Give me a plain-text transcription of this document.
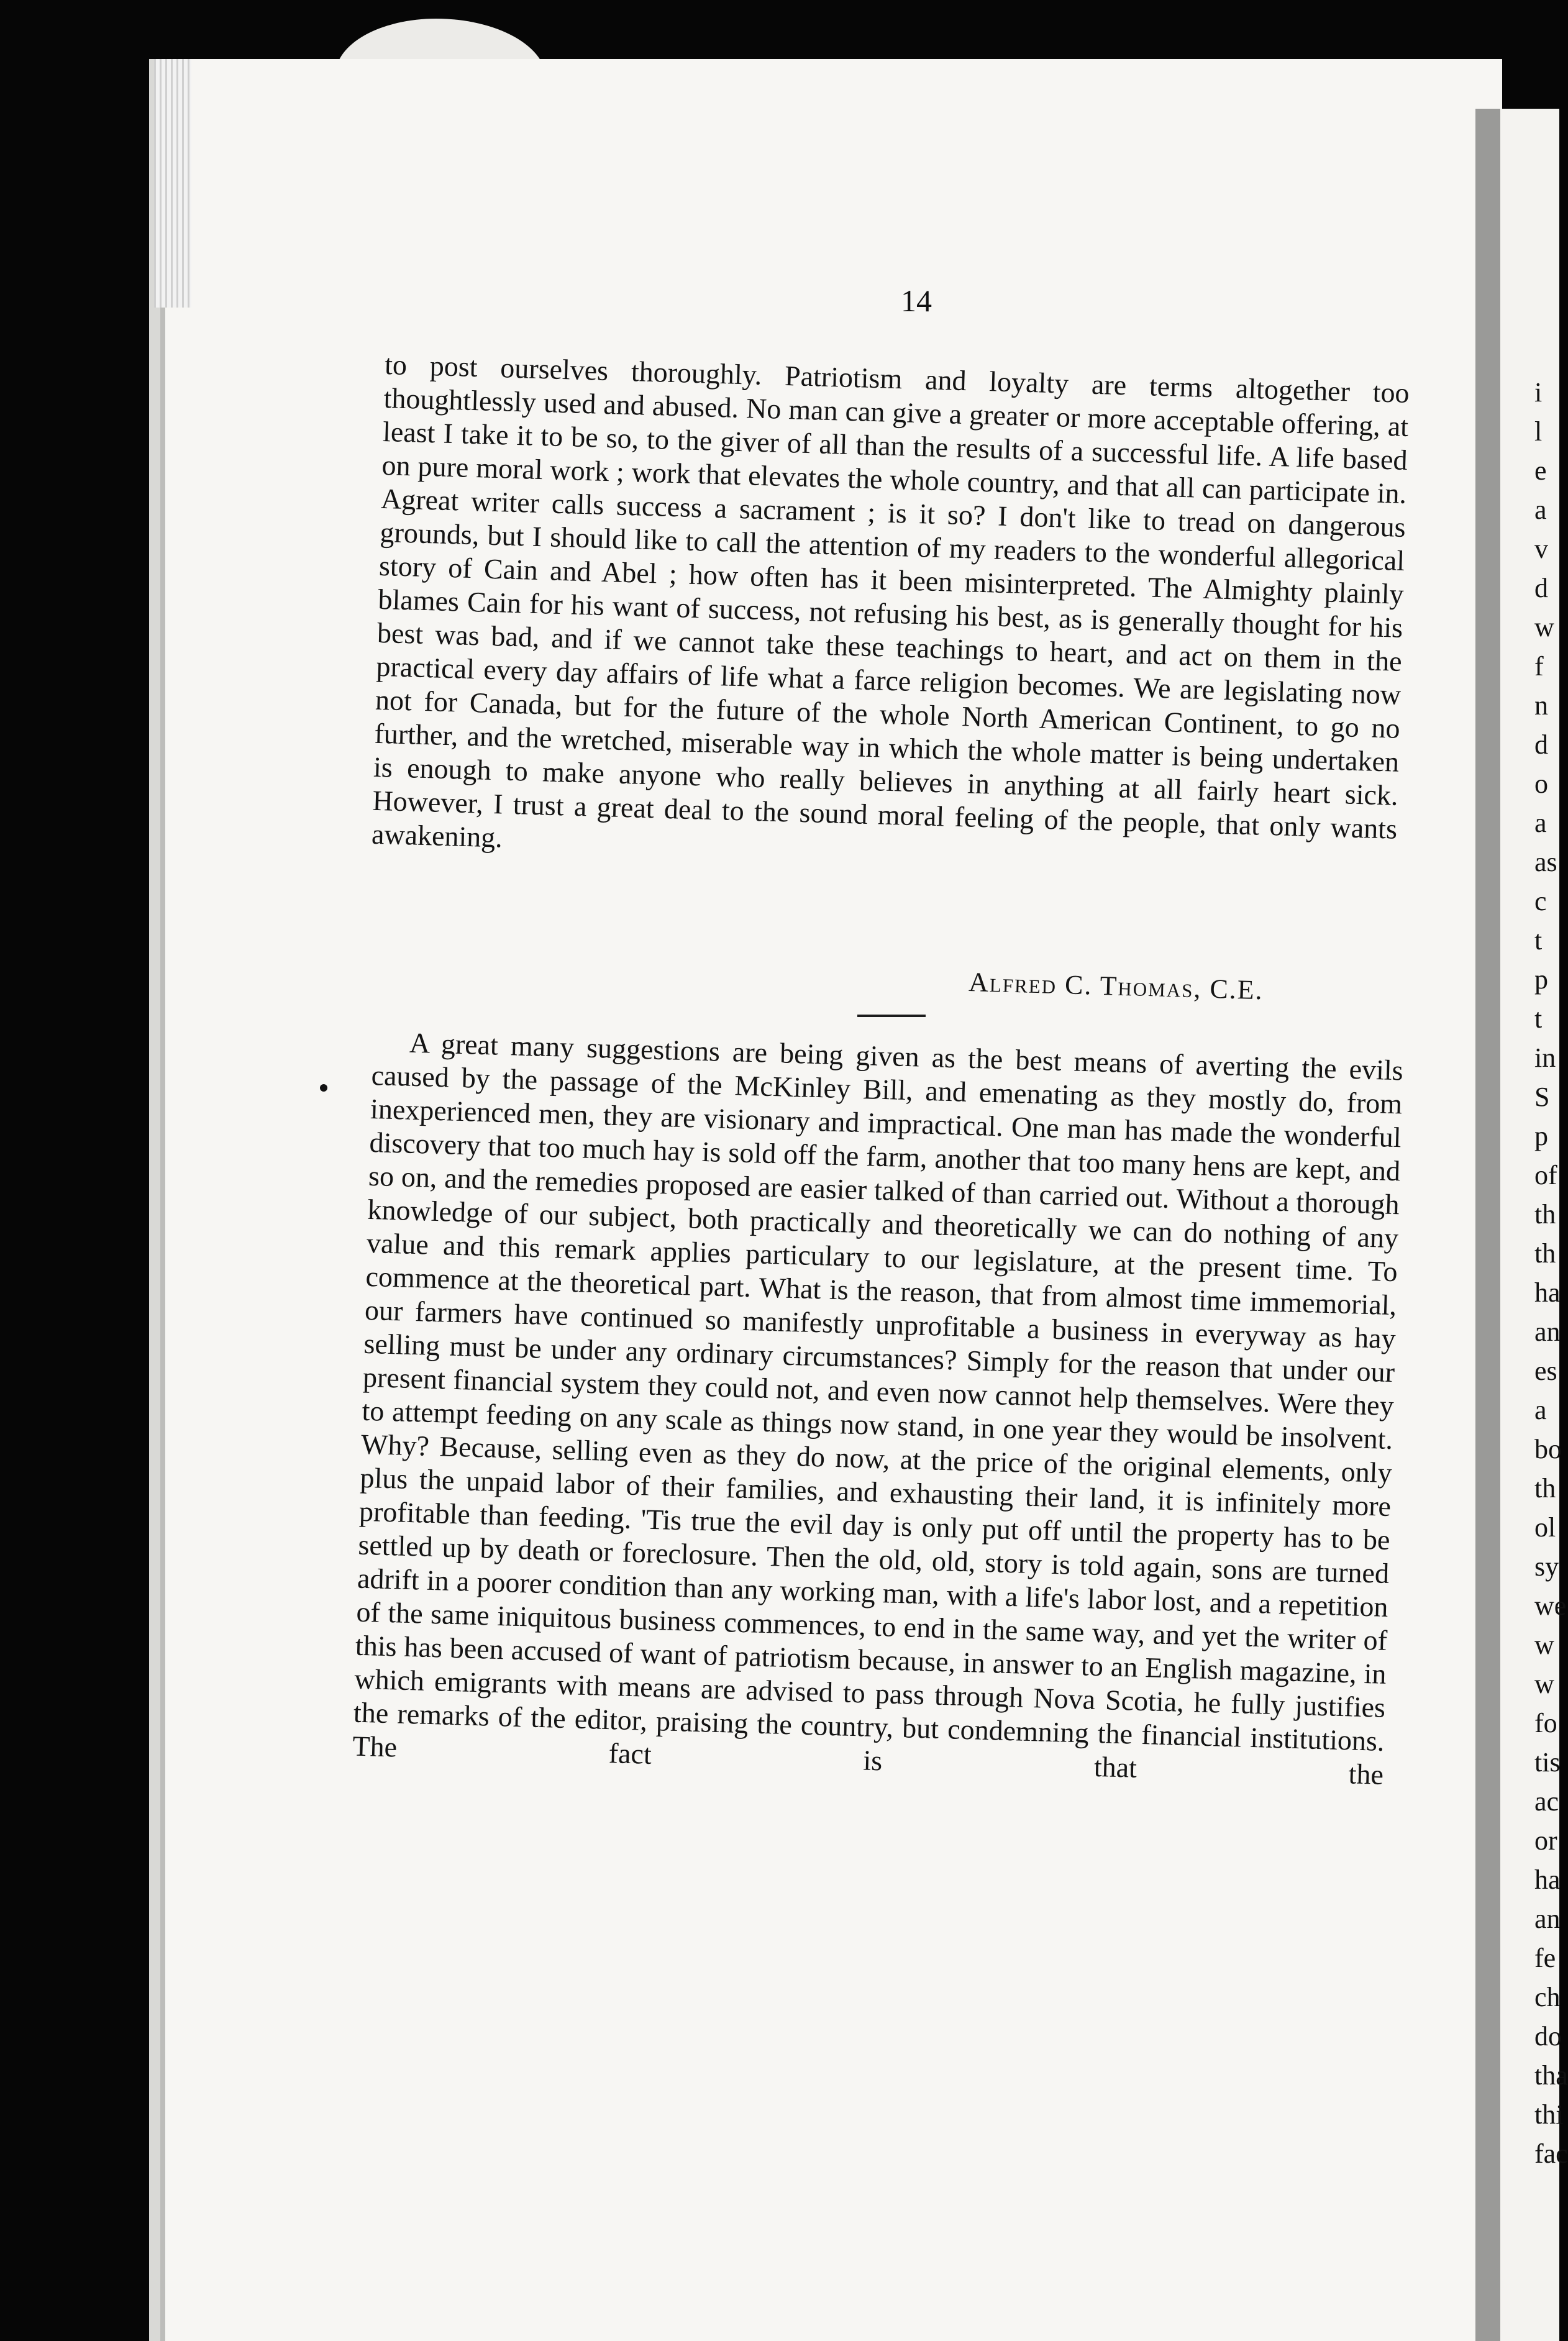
i
l
e
a
v
d
w
f
n
d
o
a
as
c
t
p
t
in
S
p
of
th
th
ha
an
es
a
bo
th
ol
sy
we
w
w
fo
tis
ac
or
ha
an
fe
ch
do
tha
thi
fac
14

to post ourselves thoroughly. Patriotism and loyalty are terms altogether too thoughtlessly used and abused. No man can give a greater or more acceptable offering, at least I take it to be so, to the giver of all than the results of a successful life. A life based on pure moral work ; work that elevates the whole country, and that all can participate in. Agreat writer calls success a sacrament ; is it so? I don't like to tread on dangerous grounds, but I should like to call the attention of my readers to the wonderful allegorical story of Cain and Abel ; how often has it been misinterpreted. The Almighty plainly blames Cain for his want of success, not refusing his best, as is generally thought for his best was bad, and if we cannot take these teachings to heart, and act on them in the practical every day affairs of life what a farce religion becomes. We are legislating now not for Canada, but for the future of the whole North American Continent, to go no further, and the wretched, miserable way in which the whole matter is being undertaken is enough to make anyone who really believes in anything at all fairly heart sick. However, I trust a great deal to the sound moral feeling of the people, that only wants awakening.

Alfred C. Thomas, C.E.

A great many suggestions are being given as the best means of averting the evils caused by the passage of the McKinley Bill, and emenating as they mostly do, from inexperienced men, they are visionary and impractical. One man has made the wonderful discovery that too much hay is sold off the farm, another that too many hens are kept, and so on, and the remedies proposed are easier talked of than carried out. Without a thorough knowledge of our subject, both practically and theoretically we can do nothing of any value and this remark applies particulary to our legislature, at the present time. To commence at the theoretical part. What is the reason, that from almost time immemorial, our farmers have continued so manifestly unprofitable a business in everyway as hay selling must be under any ordinary circumstances? Simply for the reason that under our present financial system they could not, and even now cannot help themselves. Were they to attempt feeding on any scale as things now stand, in one year they would be insolvent. Why? Because, selling even as they do now, at the price of the original elements, only plus the unpaid labor of their families, and exhausting their land, it is infinitely more profitable than feeding. 'Tis true the evil day is only put off until the property has to be settled up by death or foreclosure. Then the old, old, story is told again, sons are turned adrift in a poorer condition than any working man, with a life's labor lost, and a repetition of the same iniquitous business commences, to end in the same way, and yet the writer of this has been accused of want of patriotism because, in answer to an English magazine, in which emigrants with means are advised to pass through Nova Scotia, he fully justifies the remarks of the editor, praising the country, but condemning the financial institutions. The fact is that the
